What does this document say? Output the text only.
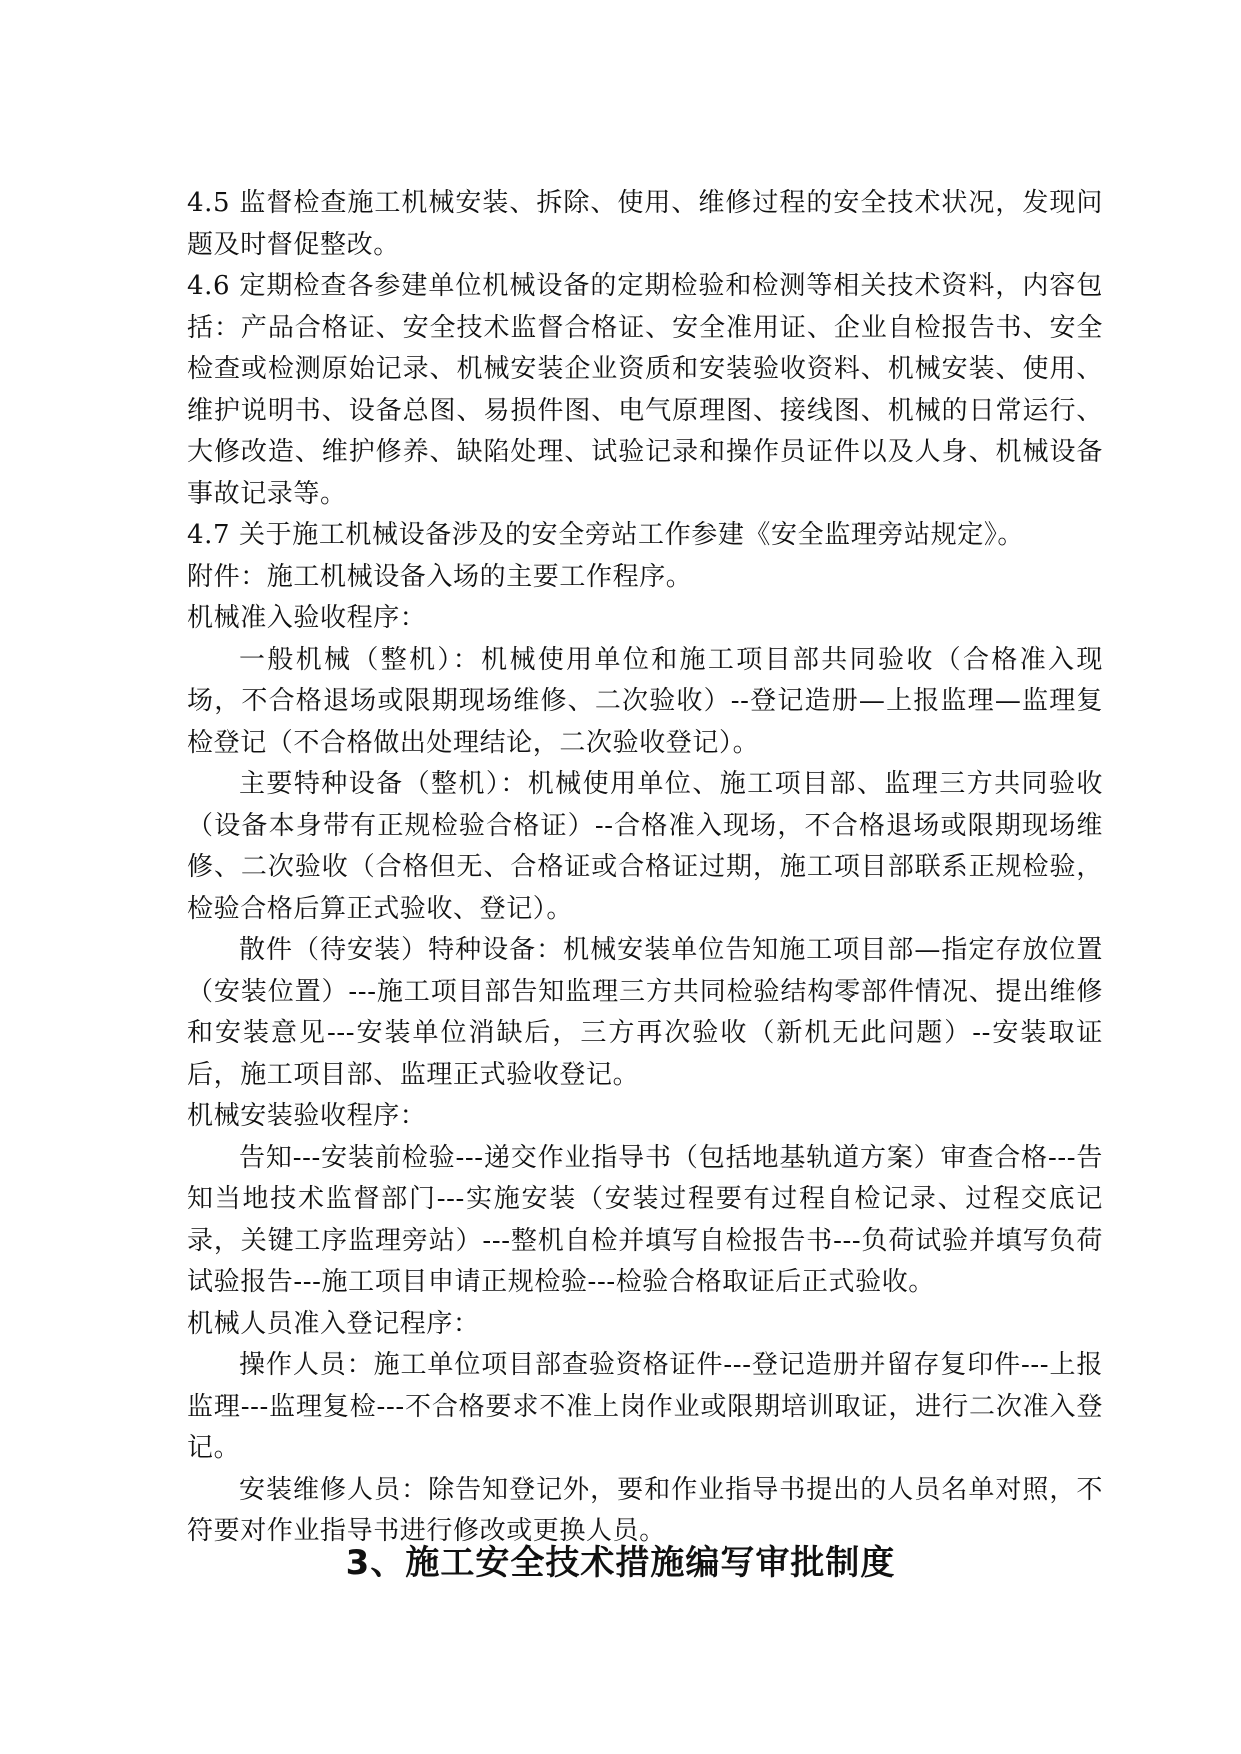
4.5 监督检查施工机械安装、拆除、使用、维修过程的安全技术状况，发现问题及时督促整改。

4.6 定期检查各参建单位机械设备的定期检验和检测等相关技术资料，内容包括：产品合格证、安全技术监督合格证、安全准用证、企业自检报告书、安全检查或检测原始记录、机械安装企业资质和安装验收资料、机械安装、使用、维护说明书、设备总图、易损件图、电气原理图、接线图、机械的日常运行、大修改造、维护修养、缺陷处理、试验记录和操作员证件以及人身、机械设备事故记录等。

4.7 关于施工机械设备涉及的安全旁站工作参建《安全监理旁站规定》。

附件：施工机械设备入场的主要工作程序。

机械准入验收程序：

一般机械（整机）：机械使用单位和施工项目部共同验收（合格准入现场，不合格退场或限期现场维修、二次验收）--登记造册—上报监理—监理复检登记（不合格做出处理结论，二次验收登记）。

主要特种设备（整机）：机械使用单位、施工项目部、监理三方共同验收（设备本身带有正规检验合格证）--合格准入现场，不合格退场或限期现场维修、二次验收（合格但无、合格证或合格证过期，施工项目部联系正规检验，检验合格后算正式验收、登记）。

散件（待安装）特种设备：机械安装单位告知施工项目部—指定存放位置（安装位置）---施工项目部告知监理三方共同检验结构零部件情况、提出维修和安装意见---安装单位消缺后，三方再次验收（新机无此问题）--安装取证后，施工项目部、监理正式验收登记。

机械安装验收程序：

告知---安装前检验---递交作业指导书（包括地基轨道方案）审查合格---告知当地技术监督部门---实施安装（安装过程要有过程自检记录、过程交底记录，关键工序监理旁站）---整机自检并填写自检报告书---负荷试验并填写负荷试验报告---施工项目申请正规检验---检验合格取证后正式验收。

机械人员准入登记程序：

操作人员：施工单位项目部查验资格证件---登记造册并留存复印件---上报监理---监理复检---不合格要求不准上岗作业或限期培训取证，进行二次准入登记。

安装维修人员：除告知登记外，要和作业指导书提出的人员名单对照，不符要对作业指导书进行修改或更换人员。

3、施工安全技术措施编写审批制度
